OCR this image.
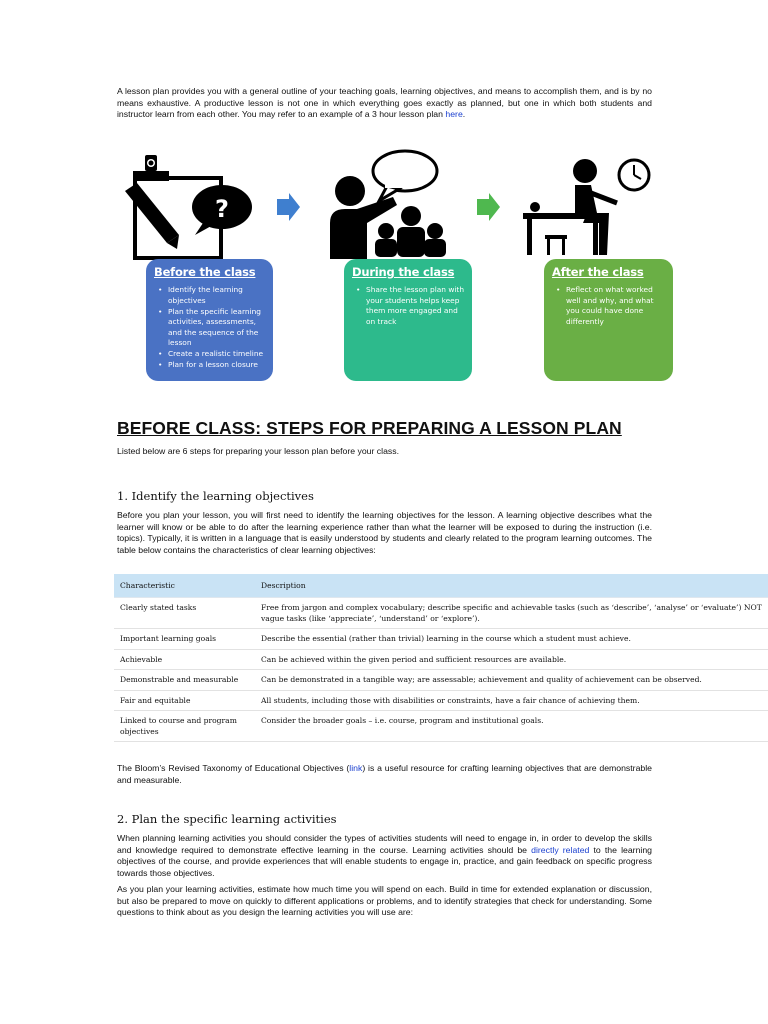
A lesson plan provides you with a general outline of your teaching goals, learning objectives, and means to accomplish them, and is by no means exhaustive. A productive lesson is not one in which everything goes exactly as planned, but one in which both students and instructor learn from each other. You may refer to an example of a 3 hour lesson plan here.

?
Before the class
• Identify the learning objectives
• Plan the specific learning activities, assessments, and the sequence of the lesson
• Create a realistic timeline
• Plan for a lesson closure
During the class
• Share the lesson plan with your students helps keep them more engaged and on track
After the class
• Reflect on what worked well and why, and what you could have done differently
BEFORE CLASS: STEPS FOR PREPARING A LESSON PLAN

Listed below are 6 steps for preparing your lesson plan before your class.

1. Identify the learning objectives

Before you plan your lesson, you will first need to identify the learning objectives for the lesson. A learning objective describes what the learner will know or be able to do after the learning experience rather than what the learner will be exposed to during the instruction (i.e. topics). Typically, it is written in a language that is easily understood by students and clearly related to the program learning outcomes. The table below contains the characteristics of clear learning objectives:

Characteristic	Description
Clearly stated tasks	Free from jargon and complex vocabulary; describe specific and achievable tasks (such as ‘describe’, ‘analyse’ or ‘evaluate’) NOT vague tasks (like ‘appreciate’, ‘understand’ or ‘explore’).
Important learning goals	Describe the essential (rather than trivial) learning in the course which a student must achieve.
Achievable	Can be achieved within the given period and sufficient resources are available.
Demonstrable and measurable	Can be demonstrated in a tangible way; are assessable; achievement and quality of achievement can be observed.
Fair and equitable	All students, including those with disabilities or constraints, have a fair chance of achieving them.
Linked to course and program objectives	Consider the broader goals – i.e. course, program and institutional goals.

The Bloom’s Revised Taxonomy of Educational Objectives (link) is a useful resource for crafting learning objectives that are demonstrable and measurable.

2. Plan the specific learning activities

When planning learning activities you should consider the types of activities students will need to engage in, in order to develop the skills and knowledge required to demonstrate effective learning in the course. Learning activities should be directly related to the learning objectives of the course, and provide experiences that will enable students to engage in, practice, and gain feedback on specific progress towards those objectives.

As you plan your learning activities, estimate how much time you will spend on each. Build in time for extended explanation or discussion, but also be prepared to move on quickly to different applications or problems, and to identify strategies that check for understanding. Some questions to think about as you design the learning activities you will use are:
